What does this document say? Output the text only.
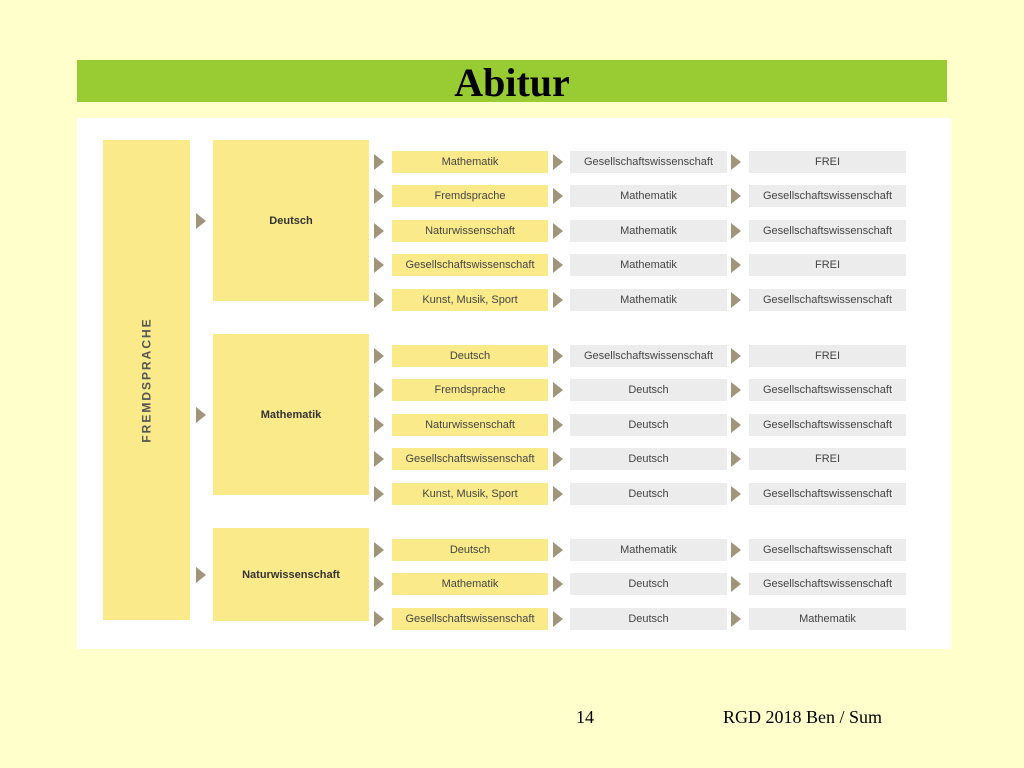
Abitur
FREMDSPRACHE
Deutsch
Mathematik	Gesellschaftswissenschaft	FREI
Fremdsprache	Mathematik	Gesellschaftswissenschaft
Naturwissenschaft	Mathematik	Gesellschaftswissenschaft
Gesellschaftswissenschaft	Mathematik	FREI
Kunst, Musik, Sport	Mathematik	Gesellschaftswissenschaft
Mathematik
Deutsch	Gesellschaftswissenschaft	FREI
Fremdsprache	Deutsch	Gesellschaftswissenschaft
Naturwissenschaft	Deutsch	Gesellschaftswissenschaft
Gesellschaftswissenschaft	Deutsch	FREI
Kunst, Musik, Sport	Deutsch	Gesellschaftswissenschaft
Naturwissenschaft
Deutsch	Mathematik	Gesellschaftswissenschaft
Mathematik	Deutsch	Gesellschaftswissenschaft
Gesellschaftswissenschaft	Deutsch	Mathematik
14	RGD 2018 Ben / Sum
